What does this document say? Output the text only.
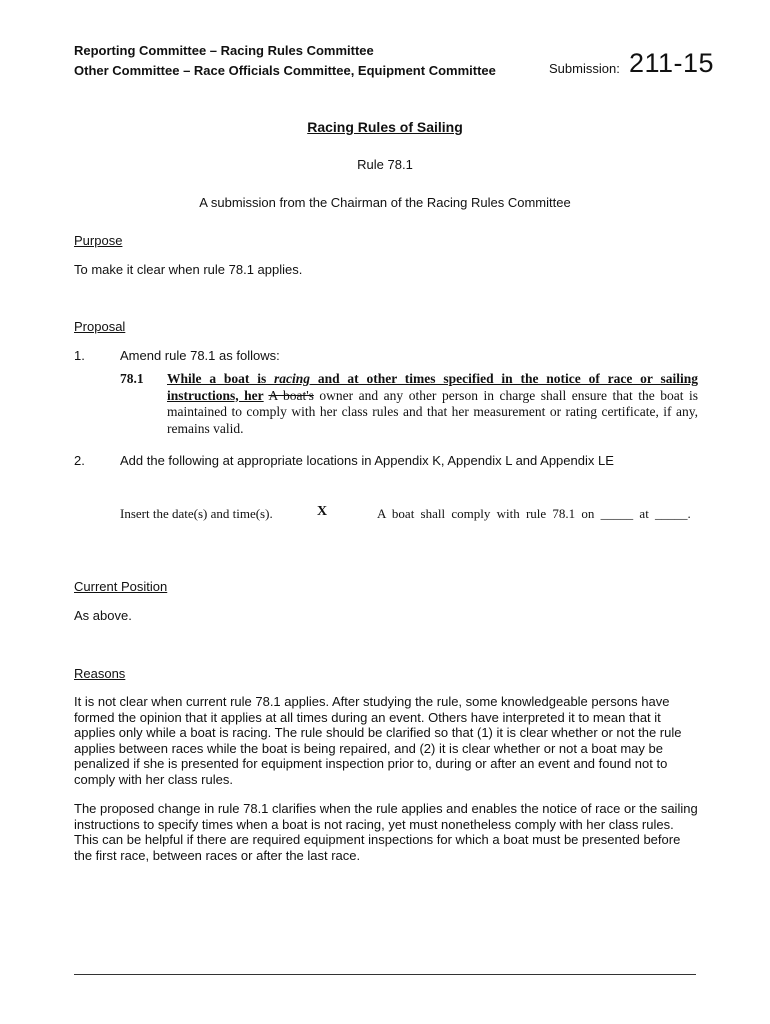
Reporting Committee – Racing Rules Committee
Other Committee – Race Officials Committee, Equipment Committee	Submission: 211-15
Racing Rules of Sailing
Rule 78.1
A submission from the Chairman of the Racing Rules Committee
Purpose
To make it clear when rule 78.1 applies.
Proposal
1.	Amend rule 78.1 as follows:
78.1 While a boat is racing and at other times specified in the notice of race or sailing instructions, her A boat's owner and any other person in charge shall ensure that the boat is maintained to comply with her class rules and that her measurement or rating certificate, if any, remains valid.
2.	Add the following at appropriate locations in Appendix K, Appendix L and Appendix LE
Insert the date(s) and time(s).	X	A boat shall comply with rule 78.1 on _____ at _____.
Current Position
As above.
Reasons
It is not clear when current rule 78.1 applies. After studying the rule, some knowledgeable persons have formed the opinion that it applies at all times during an event. Others have interpreted it to mean that it applies only while a boat is racing. The rule should be clarified so that (1) it is clear whether or not the rule applies between races while the boat is being repaired, and (2) it is clear whether or not a boat may be penalized if she is presented for equipment inspection prior to, during or after an event and found not to comply with her class rules.
The proposed change in rule 78.1 clarifies when the rule applies and enables the notice of race or the sailing instructions to specify times when a boat is not racing, yet must nonetheless comply with her class rules. This can be helpful if there are required equipment inspections for which a boat must be presented before the first race, between races or after the last race.
